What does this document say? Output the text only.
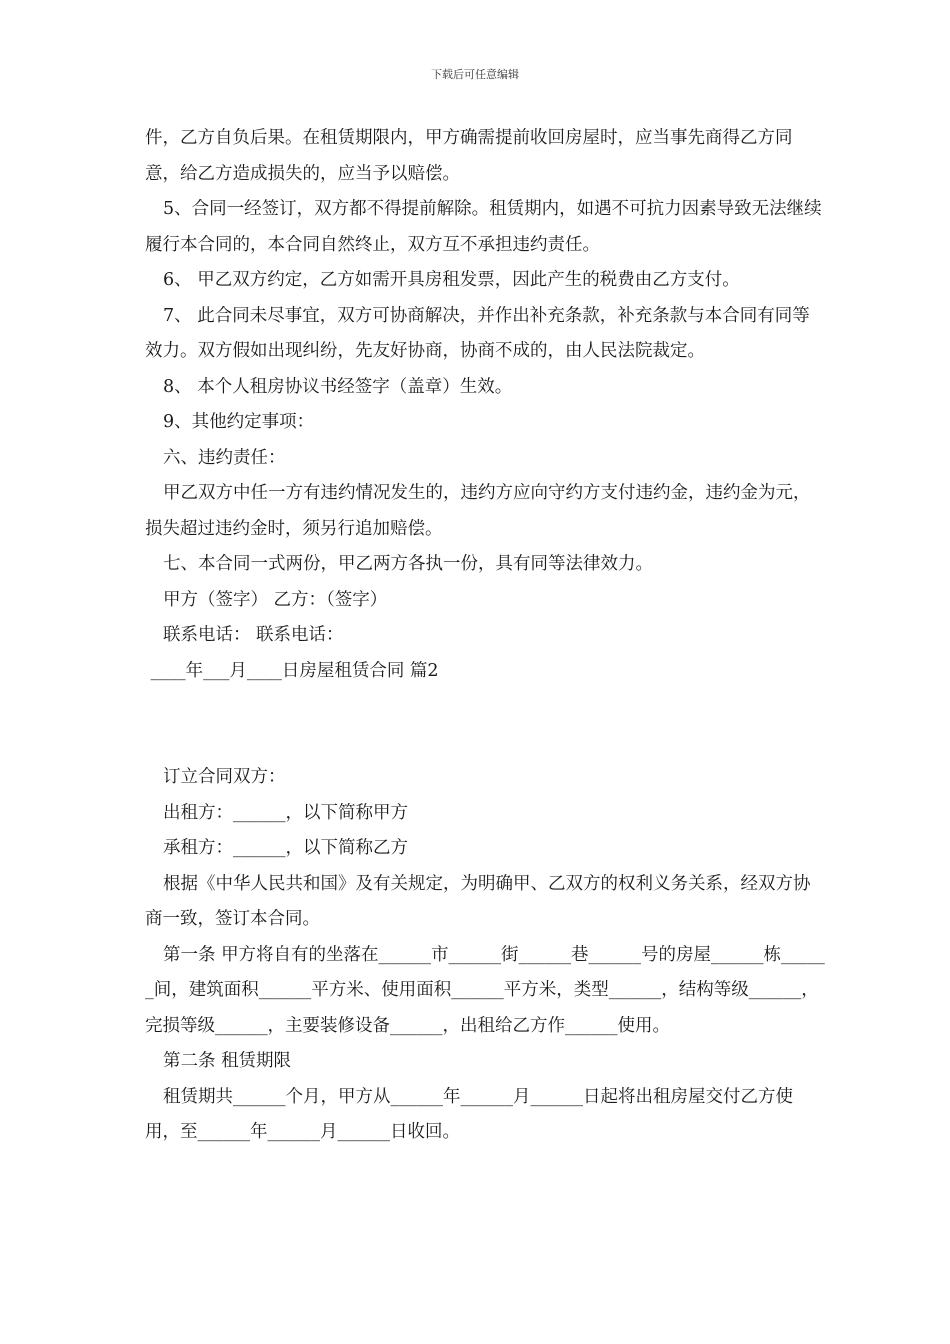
下载后可任意编辑

件，乙方自负后果。在租赁期限内，甲方确需提前收回房屋时，应当事先商得乙方同意，给乙方造成损失的，应当予以赔偿。

5、合同一经签订，双方都不得提前解除。租赁期内，如遇不可抗力因素导致无法继续履行本合同的，本合同自然终止，双方互不承担违约责任。

6、 甲乙双方约定，乙方如需开具房租发票，因此产生的税费由乙方支付。

7、 此合同未尽事宜，双方可协商解决，并作出补充条款，补充条款与本合同有同等效力。双方假如出现纠纷，先友好协商，协商不成的，由人民法院裁定。

8、 本个人租房协议书经签字（盖章）生效。

9、其他约定事项：

六、违约责任：

甲乙双方中任一方有违约情况发生的，违约方应向守约方支付违约金，违约金为元，损失超过违约金时，须另行追加赔偿。

七、本合同一式两份，甲乙两方各执一份，具有同等法律效力。

甲方（签字） 乙方：（签字）

联系电话： 联系电话：

____年___月____日房屋租赁合同 篇2

订立合同双方：

出租方：______，以下简称甲方

承租方：______，以下简称乙方

根据《中华人民共和国》及有关规定，为明确甲、乙双方的权利义务关系，经双方协商一致，签订本合同。

第一条 甲方将自有的坐落在______市______街______巷______号的房屋______栋______间，建筑面积______平方米、使用面积______平方米，类型______，结构等级______，完损等级______，主要装修设备______，出租给乙方作______使用。

第二条 租赁期限

租赁期共______个月，甲方从______年______月______日起将出租房屋交付乙方使用，至______年______月______日收回。
